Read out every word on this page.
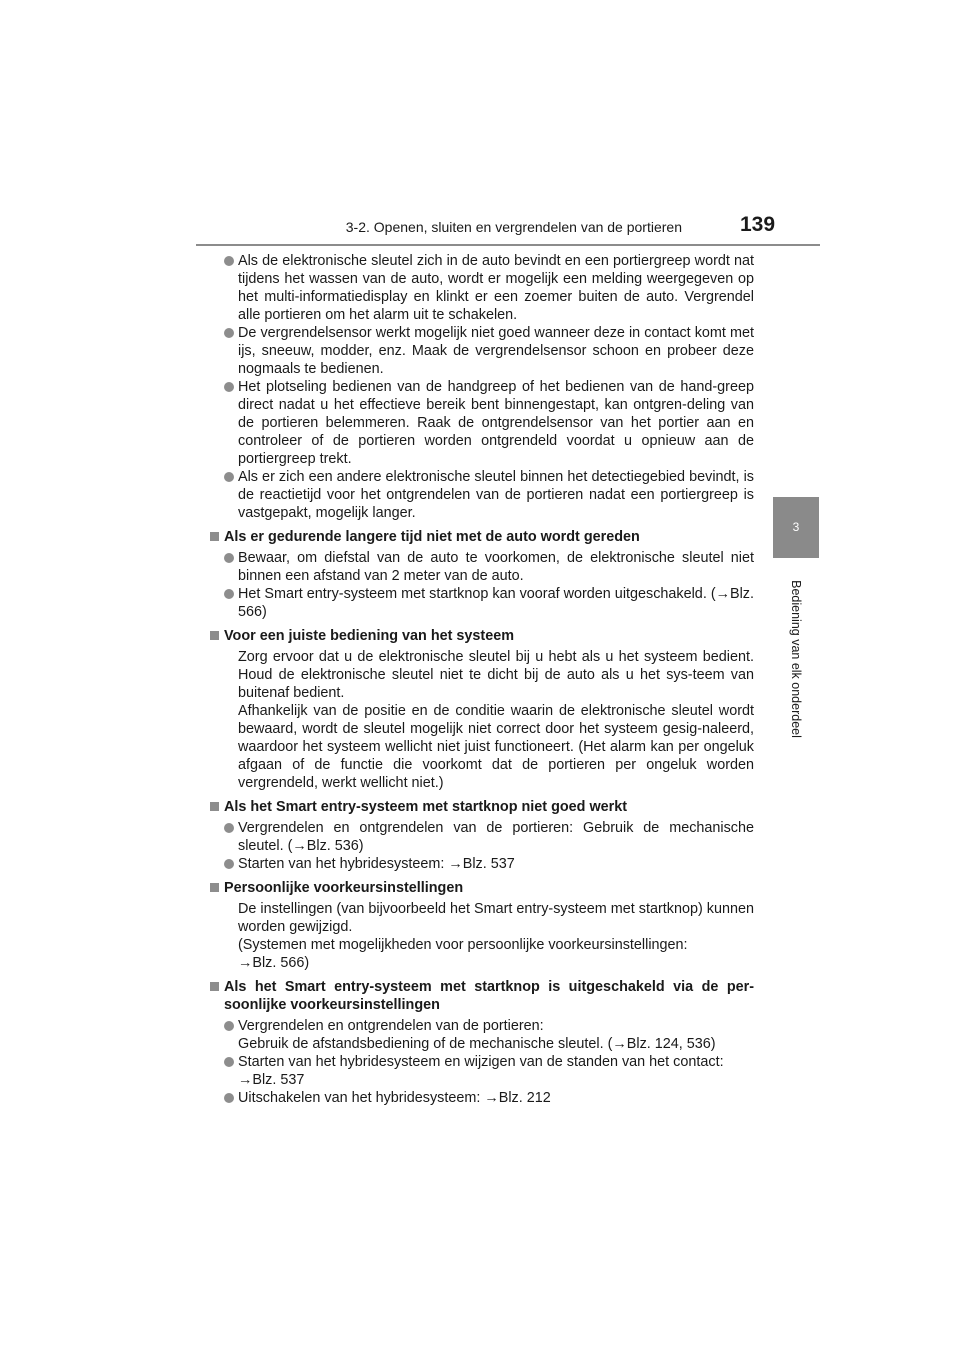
3-2. Openen, sluiten en vergrendelen van de portieren	139
3
Bediening van elk onderdeel

Als de elektronische sleutel zich in de auto bevindt en een portiergreep wordt nat tijdens het wassen van de auto, wordt er mogelijk een melding weergegeven op het multi-informatiedisplay en klinkt er een zoemer buiten de auto. Vergrendel alle portieren om het alarm uit te schakelen.

De vergrendelsensor werkt mogelijk niet goed wanneer deze in contact komt met ijs, sneeuw, modder, enz. Maak de vergrendelsensor schoon en probeer deze nogmaals te bedienen.

Het plotseling bedienen van de handgreep of het bedienen van de hand-greep direct nadat u het effectieve bereik bent binnengestapt, kan ontgren-deling van de portieren belemmeren. Raak de ontgrendelsensor van het portier aan en controleer of de portieren worden ontgrendeld voordat u opnieuw aan de portiergreep trekt.

Als er zich een andere elektronische sleutel binnen het detectiegebied bevindt, is de reactietijd voor het ontgrendelen van de portieren nadat een portiergreep is vastgepakt, mogelijk langer.

Als er gedurende langere tijd niet met de auto wordt gereden

Bewaar, om diefstal van de auto te voorkomen, de elektronische sleutel niet binnen een afstand van 2 meter van de auto.

Het Smart entry-systeem met startknop kan vooraf worden uitgeschakeld. (→Blz. 566)

Voor een juiste bediening van het systeem

Zorg ervoor dat u de elektronische sleutel bij u hebt als u het systeem bedient. Houd de elektronische sleutel niet te dicht bij de auto als u het sys-teem van buitenaf bedient.

Afhankelijk van de positie en de conditie waarin de elektronische sleutel wordt bewaard, wordt de sleutel mogelijk niet correct door het systeem gesig-naleerd, waardoor het systeem wellicht niet juist functioneert. (Het alarm kan per ongeluk afgaan of de functie die voorkomt dat de portieren per ongeluk worden vergrendeld, werkt wellicht niet.)

Als het Smart entry-systeem met startknop niet goed werkt

Vergrendelen en ontgrendelen van de portieren: Gebruik de mechanische sleutel. (→Blz. 536)

Starten van het hybridesysteem: →Blz. 537

Persoonlijke voorkeursinstellingen

De instellingen (van bijvoorbeeld het Smart entry-systeem met startknop) kunnen worden gewijzigd.

(Systemen met mogelijkheden voor persoonlijke voorkeursinstellingen:

→Blz. 566)

Als het Smart entry-systeem met startknop is uitgeschakeld via de per-soonlijke voorkeursinstellingen
Vergrendelen en ontgrendelen van de portieren:
Gebruik de afstandsbediening of de mechanische sleutel. (→Blz. 124, 536)
Starten van het hybridesysteem en wijzigen van de standen van het contact:
→Blz. 537

Uitschakelen van het hybridesysteem: →Blz. 212
